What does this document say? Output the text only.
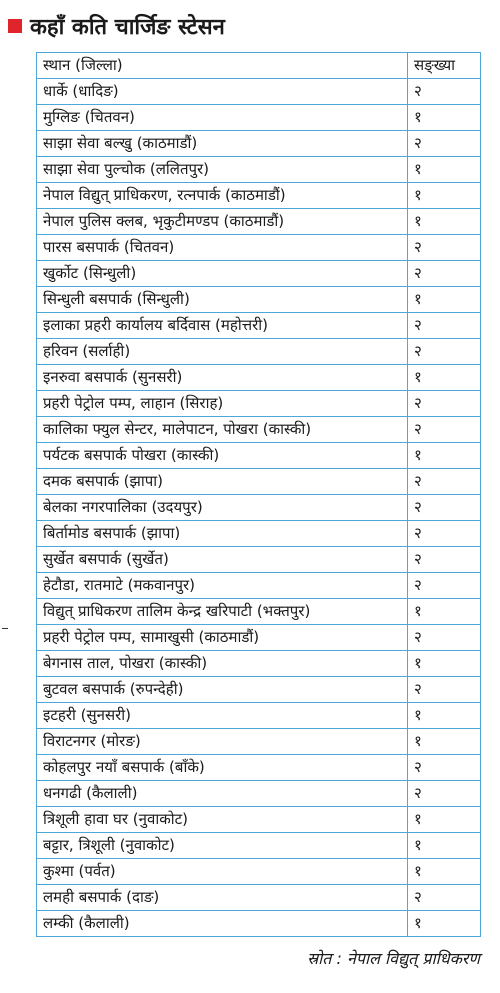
कहाँ कति चार्जिङ स्टेसन
स्थान (जिल्ला)	सङ्ख्या
धार्के (धादिङ)	२
मुग्लिङ (चितवन)	१
साझा सेवा बल्खु (काठमाडौं)	२
साझा सेवा पुल्चोक (ललितपुर)	१
नेपाल विद्युत् प्राधिकरण, रत्नपार्क (काठमाडौं)	१
नेपाल पुलिस क्लब, भृकुटीमण्डप (काठमाडौं)	१
पारस बसपार्क (चितवन)	२
खुर्कोट (सिन्धुली)	२
सिन्धुली बसपार्क (सिन्धुली)	१
इलाका प्रहरी कार्यालय बर्दिवास (महोत्तरी)	२
हरिवन (सर्लाही)	२
इनरुवा बसपार्क (सुनसरी)	१
प्रहरी पेट्रोल पम्प, लाहान (सिराह)	२
कालिका फ्युल सेन्टर, मालेपाटन, पोखरा (कास्की)	२
पर्यटक बसपार्क पोखरा (कास्की)	१
दमक बसपार्क (झापा)	२
बेलका नगरपालिका (उदयपुर)	२
बिर्तामोड बसपार्क (झापा)	२
सुर्खेत बसपार्क (सुर्खेत)	२
हेटौडा, रातमाटे (मकवानपुर)	२
विद्युत् प्राधिकरण तालिम केन्द्र खरिपाटी (भक्तपुर)	१
प्रहरी पेट्रोल पम्प, सामाखुसी (काठमाडौं)	२
बेगनास ताल, पोखरा (कास्की)	१
बुटवल बसपार्क (रुपन्देही)	२
इटहरी (सुनसरी)	१
विराटनगर (मोरङ)	१
कोहलपुर नयाँ बसपार्क (बाँके)	२
धनगढी (कैलाली)	२
त्रिशूली हावा घर (नुवाकोट)	१
बट्टार, त्रिशूली (नुवाकोट)	१
कुश्मा (पर्वत)	१
लमही बसपार्क (दाङ)	२
लम्की (कैलाली)	१
स्रोत : नेपाल विद्युत् प्राधिकरण
